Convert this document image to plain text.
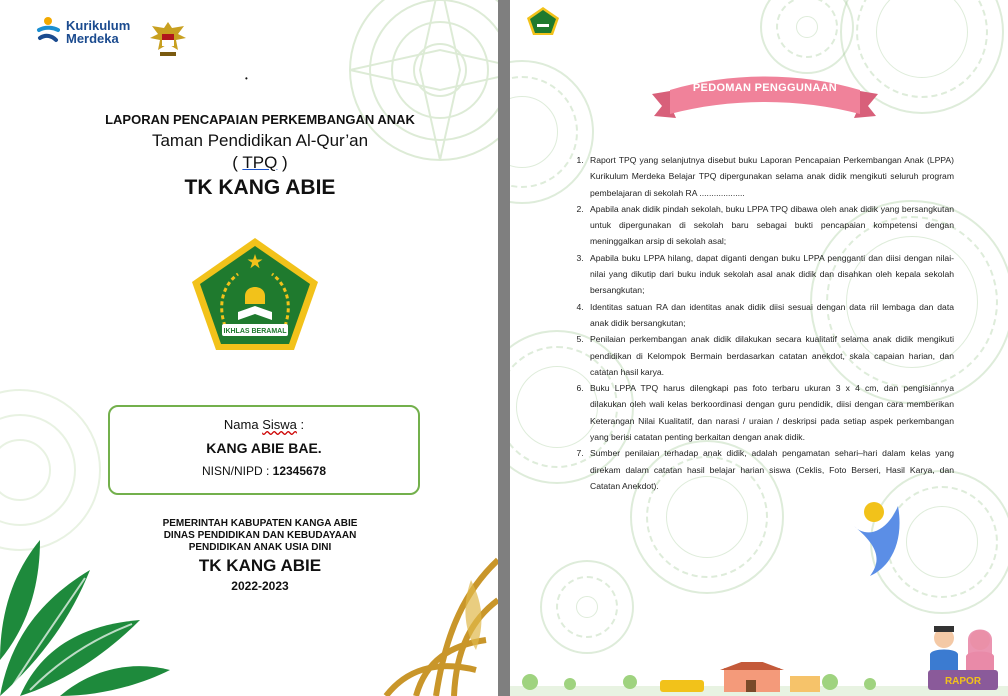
Kurikulum
Merdeka
•
LAPORAN PENCAPAIAN PERKEMBANGAN ANAK
Taman Pendidikan Al-Qur’an
( TPQ )
TK KANG ABIE
IKHLAS BERAMAL
Nama Siswa :
KANG ABIE BAE.
NISN/NIPD : 12345678
PEMERINTAH KABUPATEN KANGA ABIE
DINAS PENDIDIKAN DAN KEBUDAYAAN
PENDIDIKAN ANAK USIA DINI
TK KANG ABIE
2022-2023
PEDOMAN PENGGUNAAN
1. Raport TPQ yang selanjutnya disebut buku Laporan Pencapaian Perkembangan Anak (LPPA) Kurikulum Merdeka Belajar TPQ dipergunakan selama anak didik mengikuti seluruh program pembelajaran di sekolah RA ...................
2. Apabila anak didik pindah sekolah, buku LPPA TPQ dibawa oleh anak didik yang bersangkutan untuk dipergunakan di sekolah baru sebagai bukti pencapaian kompetensi dengan meninggalkan arsip di sekolah asal;
3. Apabila buku LPPA hilang, dapat diganti dengan buku LPPA pengganti dan diisi dengan nilai-nilai yang dikutip dari buku induk sekolah asal anak didik dan disahkan oleh kepala sekolah bersangkutan;
4. Identitas satuan RA dan identitas anak didik diisi sesuai dengan data riil lembaga dan data anak didik bersangkutan;
5. Penilaian perkembangan anak didik dilakukan secara kualitatif selama anak didik mengikuti pendidikan di Kelompok Bermain berdasarkan catatan anekdot, skala capaian harian, dan catatan hasil karya.
6. Buku LPPA TPQ harus dilengkapi pas foto terbaru ukuran 3 x 4 cm, dan pengisiannya dilakukan oleh wali kelas berkoordinasi dengan guru pendidik, diisi dengan cara memberikan Keterangan Nilai Kualitatif, dan narasi / uraian / deskripsi pada setiap aspek perkembangan yang berisi catatan penting berkaitan dengan anak didik.
7. Sumber penilaian terhadap anak didik, adalah pengamatan sehari–hari dalam kelas yang direkam dalam catatan hasil belajar harian siswa (Ceklis, Foto Berseri, Hasil Karya, dan Catatan Anekdot).
RAPOR
